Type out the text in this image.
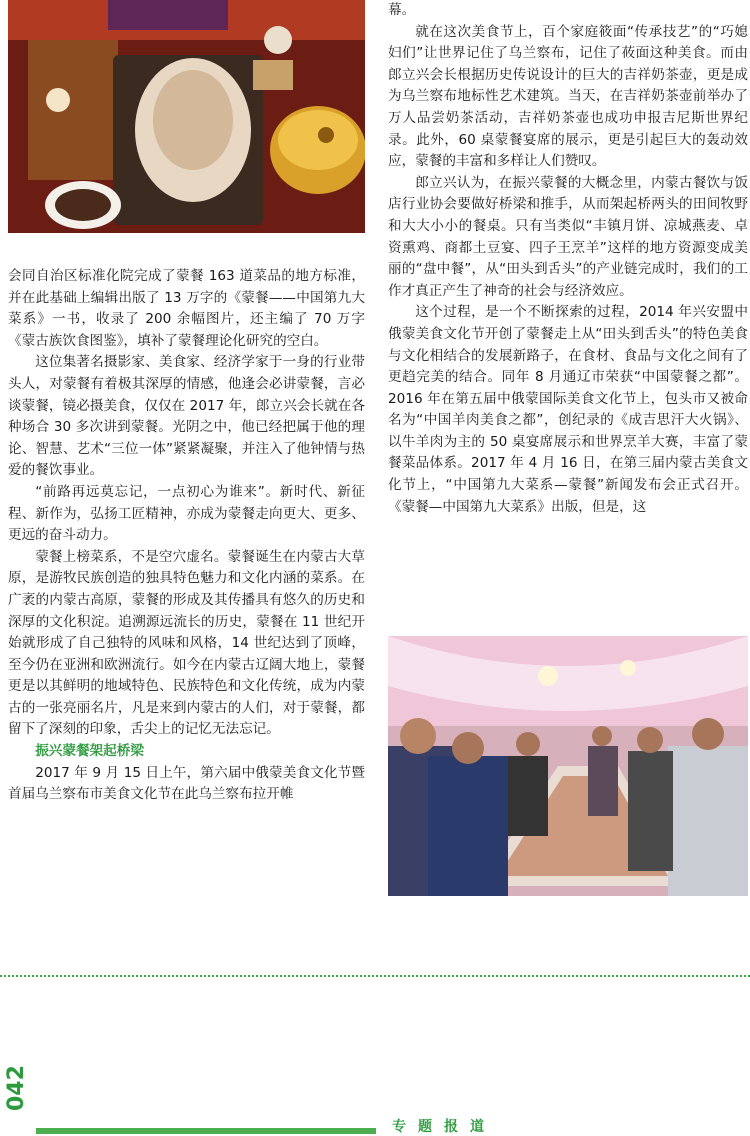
会同自治区标准化院完成了蒙餐 163 道菜品的地方标准，并在此基础上编辑出版了 13 万字的《蒙餐——中国第九大菜系》一书，收录了 200 余幅图片，还主编了 70 万字《蒙古族饮食图鉴》，填补了蒙餐理论化研究的空白。

这位集著名摄影家、美食家、经济学家于一身的行业带头人，对蒙餐有着极其深厚的情感，他逢会必讲蒙餐，言必谈蒙餐，镜必摄美食，仅仅在 2017 年，郎立兴会长就在各种场合 30 多次讲到蒙餐。光阴之中，他已经把属于他的理论、智慧、艺术“三位一体”紧紧凝聚，并注入了他钟情与热爱的餐饮事业。

“前路再远莫忘记，一点初心为谁来”。新时代、新征程、新作为，弘扬工匠精神，亦成为蒙餐走向更大、更多、更远的奋斗动力。

蒙餐上榜菜系，不是空穴虚名。蒙餐诞生在内蒙古大草原，是游牧民族创造的独具特色魅力和文化内涵的菜系。在广袤的内蒙古高原，蒙餐的形成及其传播具有悠久的历史和深厚的文化积淀。追溯源远流长的历史，蒙餐在 11 世纪开始就形成了自己独特的风味和风格，14 世纪达到了顶峰，至今仍在亚洲和欧洲流行。如今在内蒙古辽阔大地上，蒙餐更是以其鲜明的地域特色、民族特色和文化传统，成为内蒙古的一张亮丽名片，凡是来到内蒙古的人们，对于蒙餐，都留下了深刻的印象，舌尖上的记忆无法忘记。

振兴蒙餐架起桥梁

2017 年 9 月 15 日上午，第六届中俄蒙美食文化节暨首届乌兰察布市美食文化节在此乌兰察布拉开帷

幕。

就在这次美食节上，百个家庭筱面“传承技艺”的“巧媳妇们”让世界记住了乌兰察布，记住了莜面这种美食。而由郎立兴会长根据历史传说设计的巨大的吉祥奶茶壶，更是成为乌兰察布地标性艺术建筑。当天，在吉祥奶茶壶前举办了万人品尝奶茶活动，吉祥奶茶壶也成功申报吉尼斯世界纪录。此外，60 桌蒙餐宴席的展示，更是引起巨大的轰动效应，蒙餐的丰富和多样让人们赞叹。

郎立兴认为，在振兴蒙餐的大概念里，内蒙古餐饮与饭店行业协会要做好桥梁和推手，从而架起桥两头的田间牧野和大大小小的餐桌。只有当类似“丰镇月饼、凉城燕麦、卓资熏鸡、商都土豆宴、四子王烹羊”这样的地方资源变成美丽的“盘中餐”，从“田头到舌头”的产业链完成时，我们的工作才真正产生了神奇的社会与经济效应。

这个过程，是一个不断探索的过程，2014 年兴安盟中俄蒙美食文化节开创了蒙餐走上从“田头到舌头”的特色美食与文化相结合的发展新路子，在食材、食品与文化之间有了更趋完美的结合。同年 8 月通辽市荣获“中国蒙餐之都”。2016 年在第五届中俄蒙国际美食文化节上，包头市又被命名为“中国羊肉美食之都”，创纪录的《成吉思汗大火锅》、以牛羊肉为主的 50 桌宴席展示和世界烹羊大赛，丰富了蒙餐菜品体系。2017 年 4 月 16 日，在第三届内蒙古美食文化节上，“中国第九大菜系—蒙餐”新闻发布会正式召开。《蒙餐—中国第九大菜系》出版，但是，这

042
专题报道
